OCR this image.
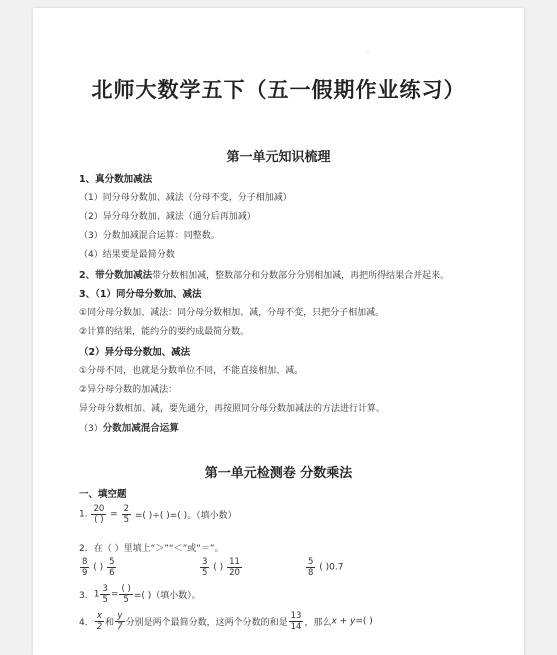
·
北师大数学五下（五一假期作业练习）
第一单元知识梳理
1、真分数加减法
（1）同分母分数加、减法（分母不变，分子相加减）
（2）异分母分数加、减法（通分后再加减）
（3）分数加减混合运算：同整数。
（4）结果要是最简分数
2、带分数加减法带分数相加减，整数部分和分数部分分别相加减，再把所得结果合并起来。
3、（1）同分母分数加、减法
①同分母分数加、减法：同分母分数相加、减，分母不变，只把分子相加减。
②计算的结果，能约分的要约成最简分数。
（2）异分母分数加、减法
①分母不同，也就是分数单位不同，不能直接相加、减。
②异分母分数的加减法：
异分母分数相加、减，要先通分，再按照同分母分数加减法的方法进行计算。
（3）分数加减混合运算
第一单元检测卷 分数乘法
一、填空题
1. $\frac{20}{( )} = \frac{2}{5}$ =( )÷( )=( )。（填小数）
2．在（ ）里填上“＞”“＜”或“＝”。
$\frac{8}{9}$ ( ) $\frac{5}{6}$	$\frac{3}{5}$ ( ) $\frac{11}{20}$	$\frac{5}{8}$ ( )0.7
3．$1 \frac{3}{5} = \frac{( )}{5}$ =( )（填小数）。
4． $\frac{x}{2}$ 和 $\frac{y}{7}$ 分别是两个最简分数，这两个分数的和是 $\frac{13}{14}$ ，那么x + y=( )
